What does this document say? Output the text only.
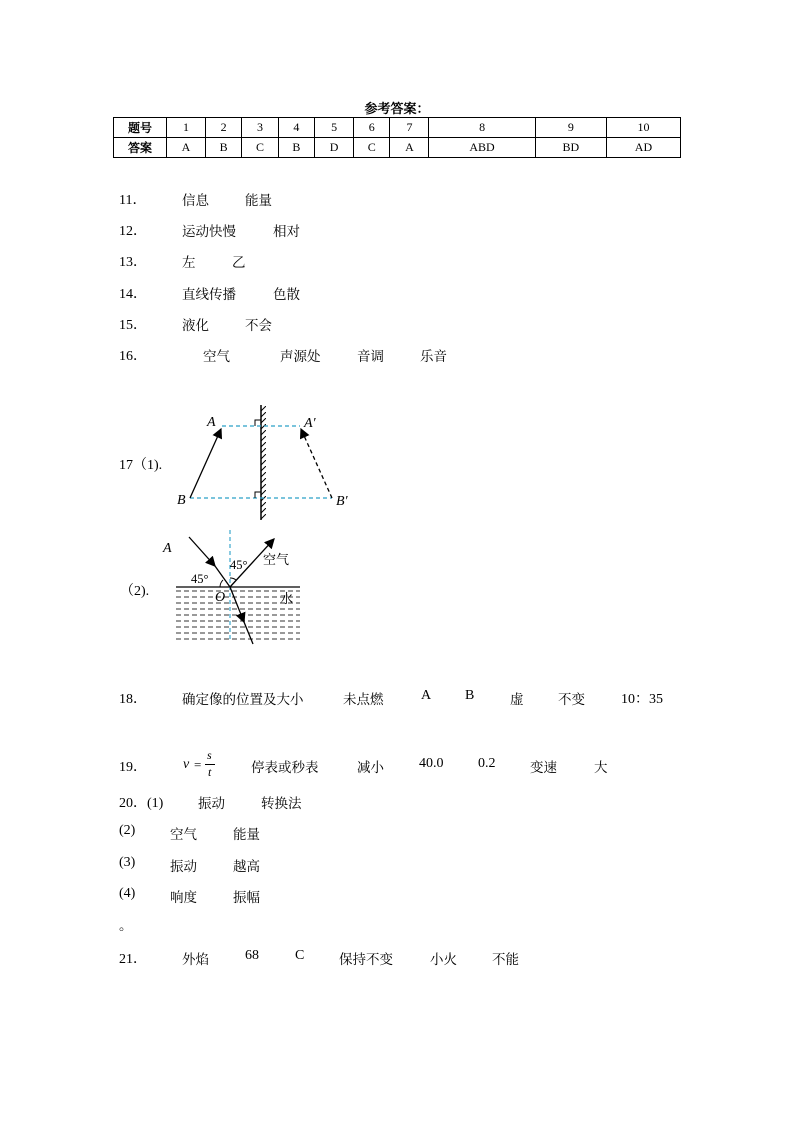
参考答案：
题号	1	2	3	4	5	6	7	8	9	10
答案	A	B	C	B	D	C	A	ABD	BD	AD
11．	信息	能量
12．	运动快慢	相对
13．	左	乙
14．	直线传播	色散
15．	液化	不会
16．	空气	声源处	音调	乐音
17（1).
A	A′
B	B′
（2).
A
45°
45°
O
空气
水
18．	确定像的位置及大小	未点燃	A B	虚	不变	10：35
19．	停表或秒表	减小	40.0 0.2	变速	大
v =
s
t
20．(1)	振动	转换法
(2)	空气	能量
(3)	振动	越高
(4)	响度	振幅
。
21．	外焰	68	C	保持不变	小火	不能
